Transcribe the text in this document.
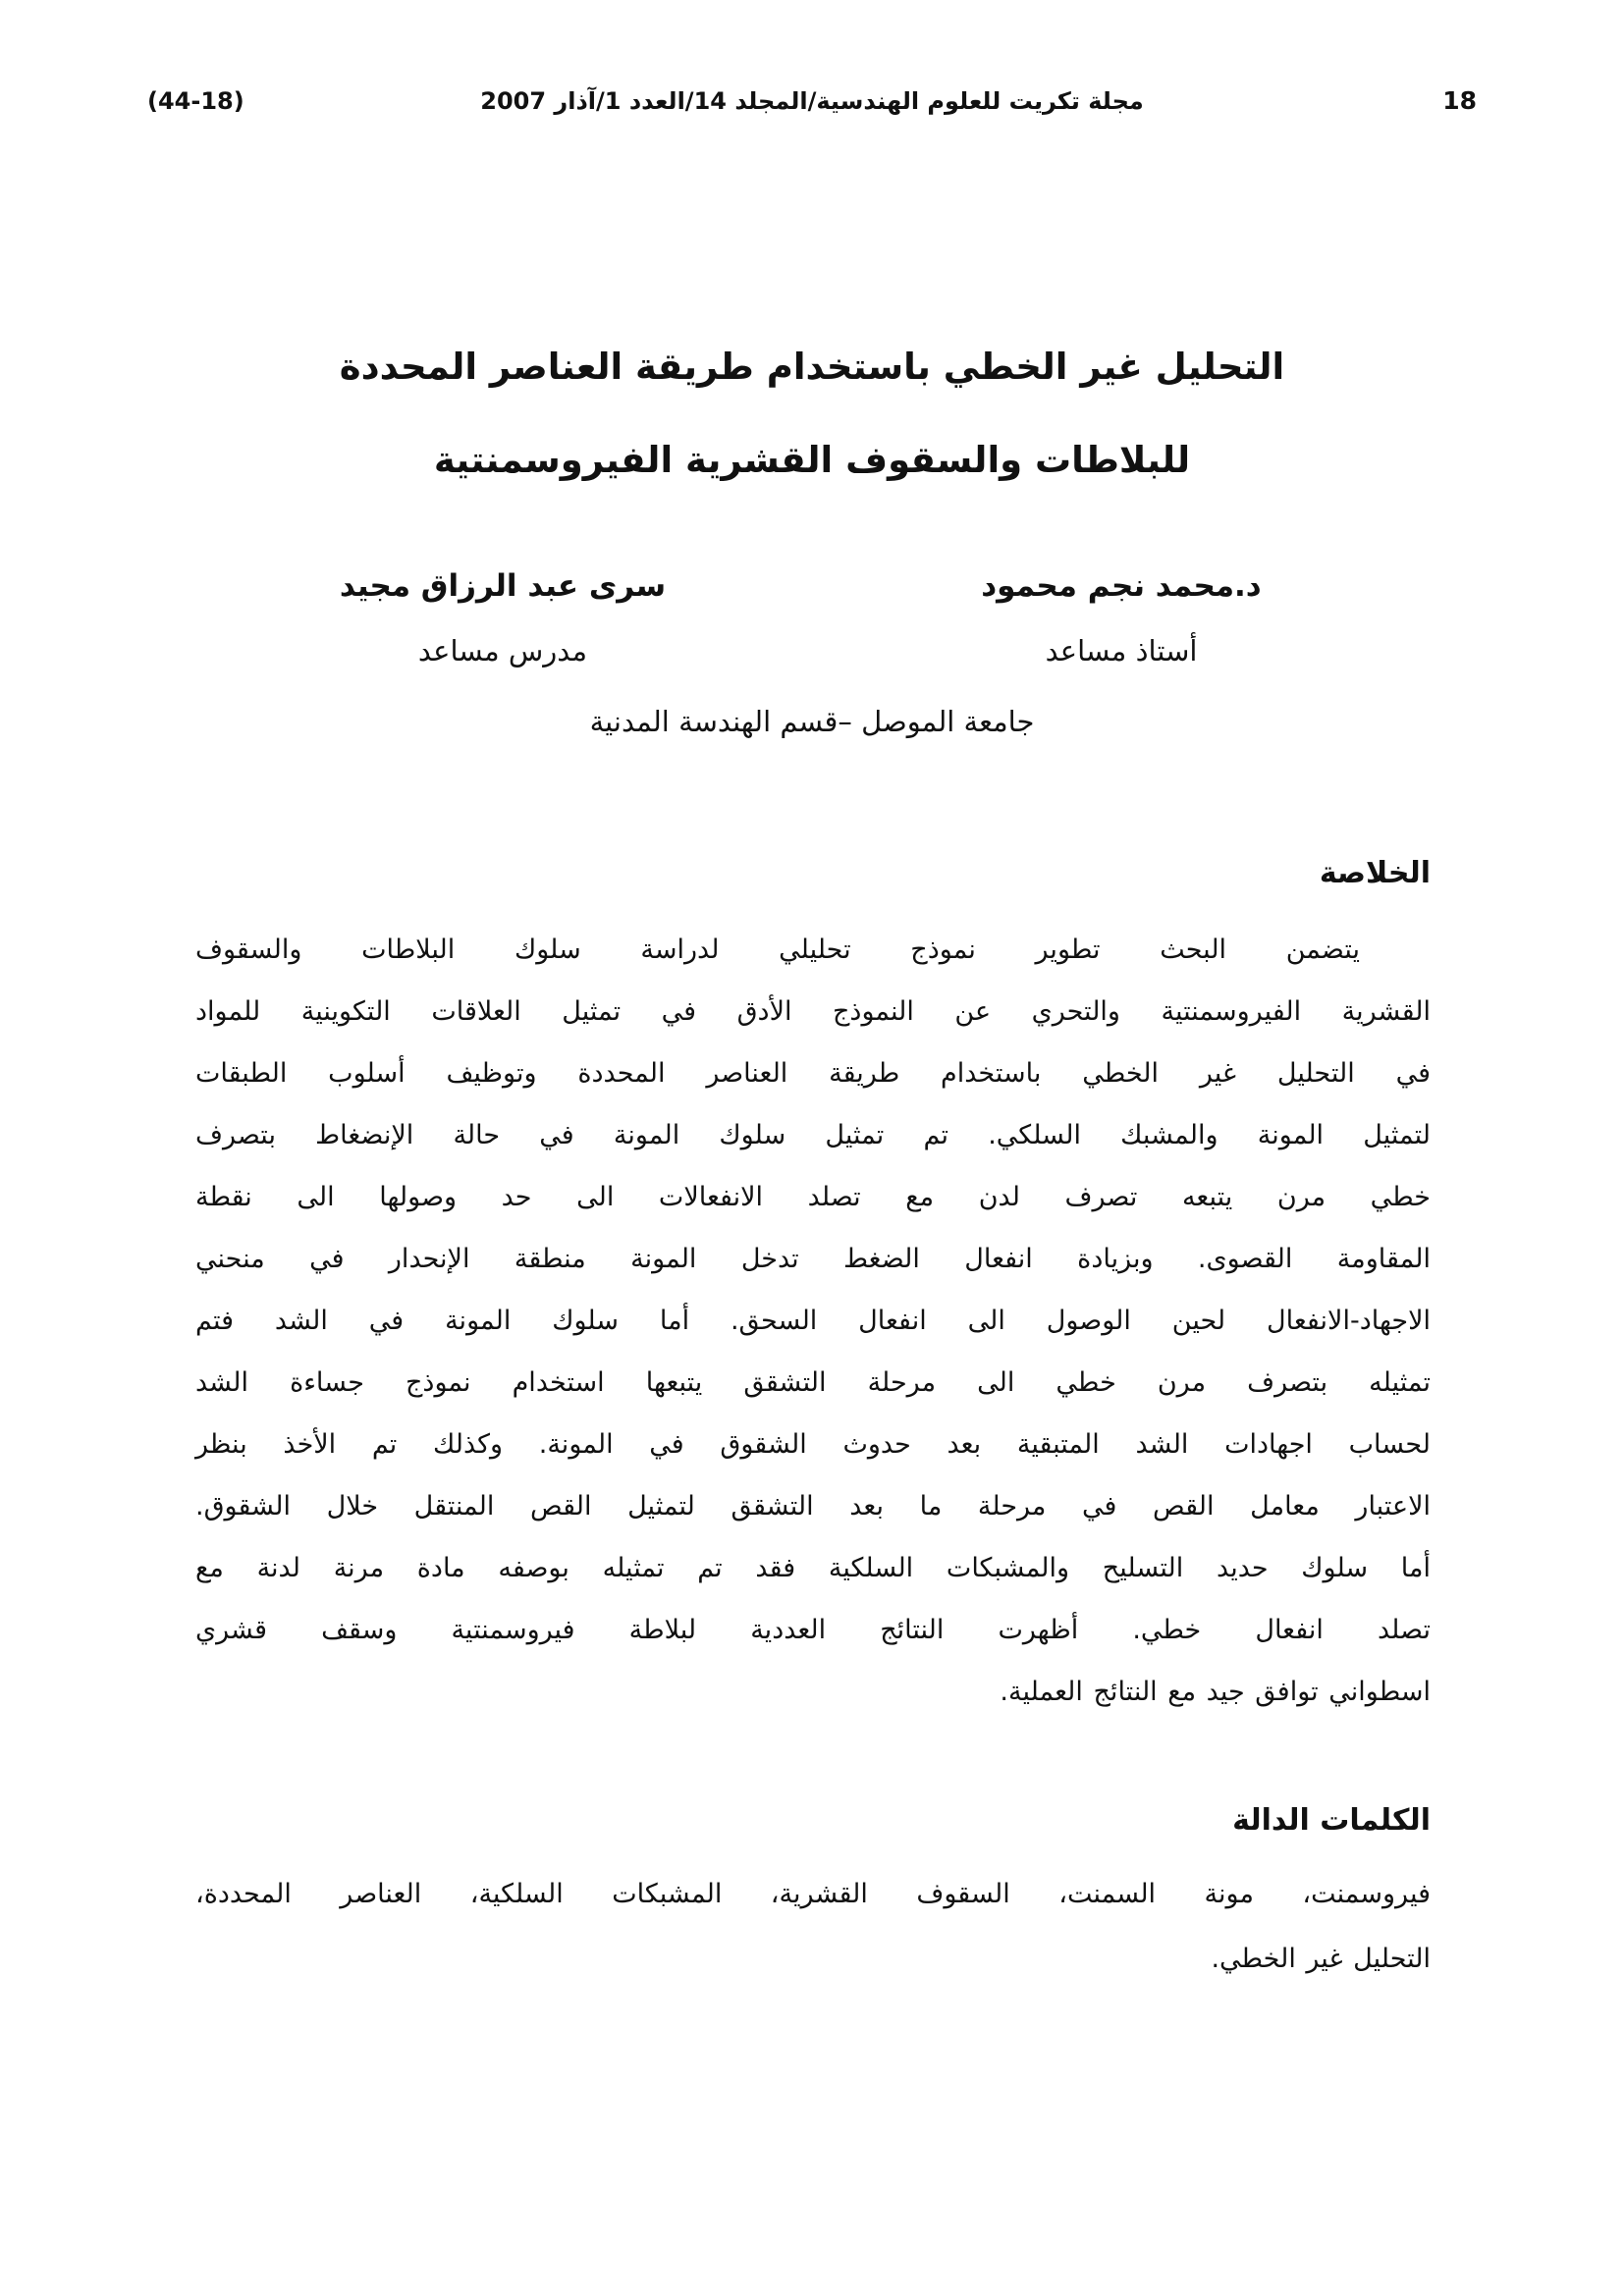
(44-18)	مجلة تكريت للعلوم الهندسية/المجلد 14/العدد 1/آذار 2007	18
التحليل غير الخطي باستخدام طريقة العناصر المحددة
للبلاطات والسقوف القشرية الفيروسمنتية
د.محمد نجم محمود
سرى عبد الرزاق مجيد
أستاذ مساعد
مدرس مساعد
جامعة الموصل –قسم الهندسة المدنية
الخلاصة
يتضمن البحث تطوير نموذج تحليلي لدراسة سلوك البلاطات والسقوف
القشرية الفيروسمنتية والتحري عن النموذج الأدق في تمثيل العلاقات التكوينية للمواد
في التحليل غير الخطي باستخدام طريقة العناصر المحددة وتوظيف أسلوب الطبقات
لتمثيل المونة والمشبك السلكي. تم تمثيل سلوك المونة في حالة الإنضغاط بتصرف
خطي مرن يتبعه تصرف لدن مع تصلد الانفعالات الى حد وصولها الى نقطة
المقاومة القصوى. وبزيادة انفعال الضغط تدخل المونة منطقة الإنحدار في منحني
الاجهاد-الانفعال لحين الوصول الى انفعال السحق. أما سلوك المونة في الشد فتم
تمثيله بتصرف مرن خطي الى مرحلة التشقق يتبعها استخدام نموذج جساءة الشد
لحساب اجهادات الشد المتبقية بعد حدوث الشقوق في المونة. وكذلك تم الأخذ بنظر
الاعتبار معامل القص في مرحلة ما بعد التشقق لتمثيل القص المنتقل خلال الشقوق.
أما سلوك حديد التسليح والمشبكات السلكية فقد تم تمثيله بوصفه مادة مرنة لدنة مع
تصلد انفعال خطي. أظهرت النتائج العددية لبلاطة فيروسمنتية وسقف قشري
اسطواني توافق جيد مع النتائج العملية.
الكلمات الدالة
فيروسمنت، مونة السمنت، السقوف القشرية، المشبكات السلكية، العناصر المحددة،
التحليل غير الخطي.
